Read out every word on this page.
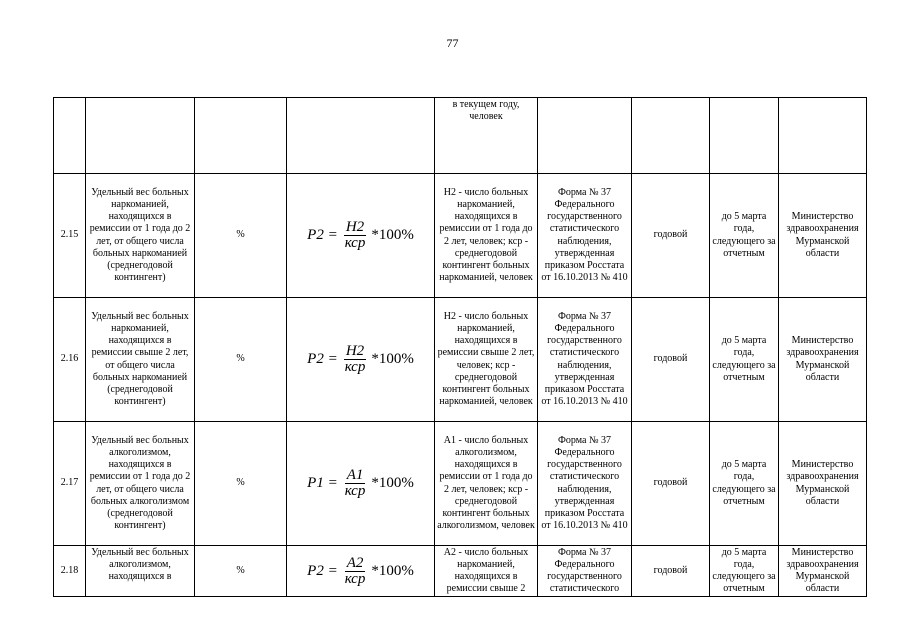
77
				в текущем году, человек				
2.15	Удельный вес больных наркоманией, находящихся в ремиссии от 1 года до 2 лет, от общего числа больных наркоманией (среднегодовой контингент)	%	$P2 = \frac{H2}{\text{ксp}} *100\%$	Н2 - число больных наркоманией, находящихся в ремиссии от 1 года до 2 лет, человек; кср - среднегодовой контингент больных наркоманией, человек	Форма № 37 Федерального государственного статистического наблюдения, утвержденная приказом Росстата от 16.10.2013 № 410	годовой	до 5 марта года, следующего за отчетным	Министерство здравоохранения Мурманской области
2.16	Удельный вес больных наркоманией, находящихся в ремиссии свыше 2 лет, от общего числа больных наркоманией (среднегодовой контингент)	%	$P2 = \frac{H2}{\text{ксp}} *100\%$	Н2 - число больных наркоманией, находящихся в ремиссии свыше 2 лет, человек; кср - среднегодовой контингент больных наркоманией, человек	Форма № 37 Федерального государственного статистического наблюдения, утвержденная приказом Росстата от 16.10.2013 № 410	годовой	до 5 марта года, следующего за отчетным	Министерство здравоохранения Мурманской области
2.17	Удельный вес больных алкоголизмом, находящихся в ремиссии от 1 года до 2 лет, от общего числа больных алкоголизмом (среднегодовой контингент)	%	$P1 = \frac{A1}{\text{ксp}} *100\%$	А1 - число больных алкоголизмом, находящихся в ремиссии от 1 года до 2 лет, человек; кср - среднегодовой контингент больных алкоголизмом, человек	Форма № 37 Федерального государственного статистического наблюдения, утвержденная приказом Росстата от 16.10.2013 № 410	годовой	до 5 марта года, следующего за отчетным	Министерство здравоохранения Мурманской области
2.18	Удельный вес больных алкоголизмом, находящихся в	%	$P2 = \frac{A2}{\text{ксp}} *100\%$	А2 - число больных наркоманией, находящихся в ремиссии свыше 2	Форма № 37 Федерального государственного статистического	годовой	до 5 марта года, следующего за отчетным	Министерство здравоохранения Мурманской области
